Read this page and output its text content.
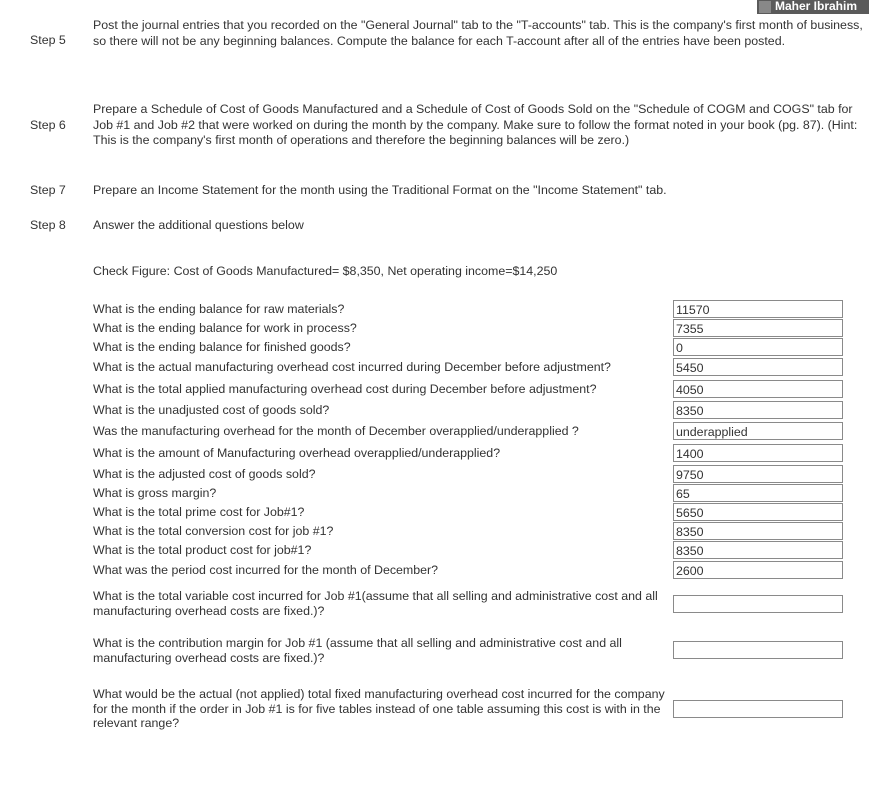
Maher Ibrahim
Step 5
Post the journal entries that you recorded on the "General Journal" tab to the "T-accounts" tab. This is the company's first month of business, so there will not be any beginning balances. Compute the balance for each T-account after all of the entries have been posted.
Step 6
Prepare a Schedule of Cost of Goods Manufactured and a Schedule of Cost of Goods Sold on the "Schedule of COGM and COGS" tab for Job #1 and Job #2 that were worked on during the month by the company. Make sure to follow the format noted in your book (pg. 87). (Hint: This is the company's first month of operations and therefore the beginning balances will be zero.)
Step 7 Prepare an Income Statement for the month using the Traditional Format on the "Income Statement" tab.
Step 8 Answer the additional questions below
Check Figure: Cost of Goods Manufactured= $8,350, Net operating income=$14,250
What is the ending balance for raw materials?
11570
What is the ending balance for work in process?
7355
What is the ending balance for finished goods?
0
What is the actual manufacturing overhead cost incurred during December before adjustment?
5450
What is the total applied manufacturing overhead cost during December before adjustment?
4050
What is the unadjusted cost of goods sold?
8350
Was the manufacturing overhead for the month of December overapplied/underapplied ?
underapplied
What is the amount of Manufacturing overhead overapplied/underapplied?
1400
What is the adjusted cost of goods sold?
9750
What is gross margin?
65
What is the total prime cost for Job#1?
5650
What is the total conversion cost for job #1?
8350
What is the total product cost for job#1?
8350
What was the period cost incurred for the month of December?
2600
What is the total variable cost incurred for Job #1(assume that all selling and administrative cost and all manufacturing overhead costs are fixed.)?
What is the contribution margin for Job #1 (assume that all selling and administrative cost and all manufacturing overhead costs are fixed.)?
What would be the actual (not applied) total fixed manufacturing overhead cost incurred for the company for the month if the order in Job #1 is for five tables instead of one table assuming this cost is with in the relevant range?
